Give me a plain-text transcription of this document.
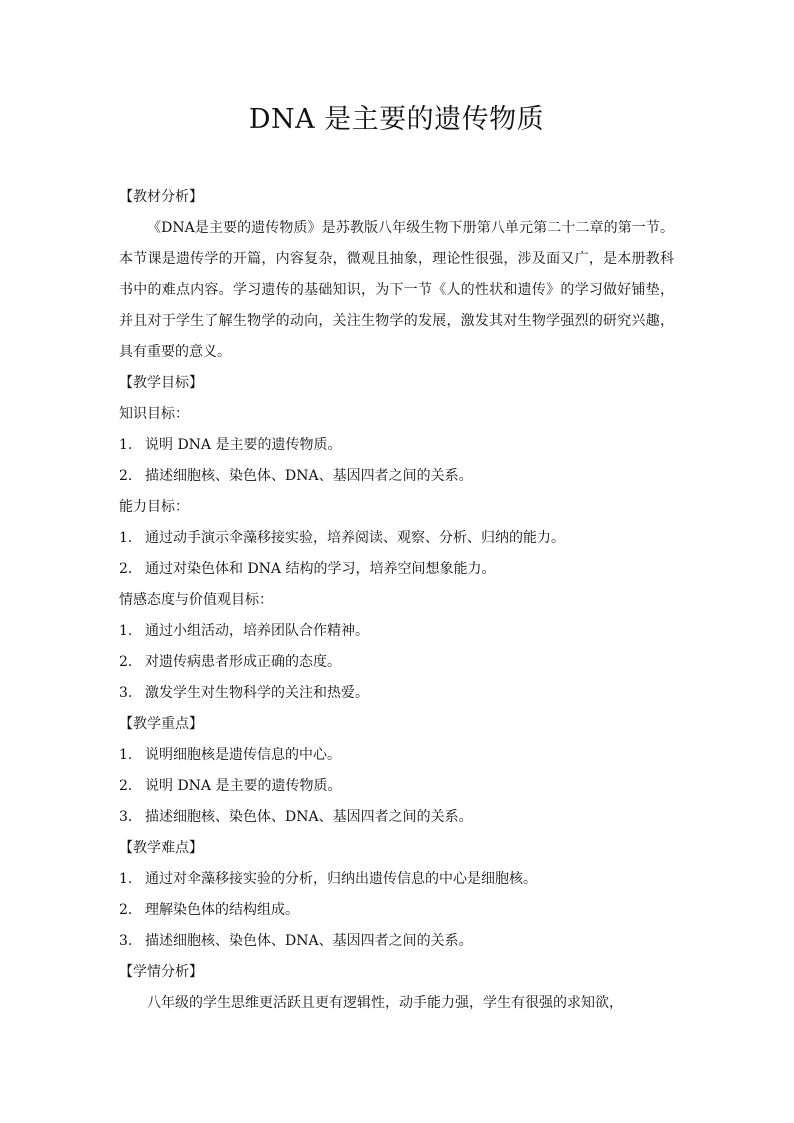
DNA 是主要的遗传物质
【教材分析】

《DNA是主要的遗传物质》是苏教版八年级生物下册第八单元第二十二章的第一节。本节课是遗传学的开篇，内容复杂，微观且抽象，理论性很强，涉及面又广，是本册教科书中的难点内容。学习遗传的基础知识，为下一节《人的性状和遗传》的学习做好铺垫，并且对于学生了解生物学的动向，关注生物学的发展，激发其对生物学强烈的研究兴趣，具有重要的意义。

【教学目标】
知识目标：
1. 说明 DNA 是主要的遗传物质。
2. 描述细胞核、染色体、DNA、基因四者之间的关系。
能力目标：
1. 通过动手演示伞藻移接实验，培养阅读、观察、分析、归纳的能力。
2. 通过对染色体和 DNA 结构的学习，培养空间想象能力。
情感态度与价值观目标：
1. 通过小组活动，培养团队合作精神。
2. 对遗传病患者形成正确的态度。
3. 激发学生对生物科学的关注和热爱。
【教学重点】
1. 说明细胞核是遗传信息的中心。
2. 说明 DNA 是主要的遗传物质。
3. 描述细胞核、染色体、DNA、基因四者之间的关系。
【教学难点】
1. 通过对伞藻移接实验的分析，归纳出遗传信息的中心是细胞核。
2. 理解染色体的结构组成。
3. 描述细胞核、染色体、DNA、基因四者之间的关系。
【学情分析】

八年级的学生思维更活跃且更有逻辑性，动手能力强，学生有很强的求知欲，
